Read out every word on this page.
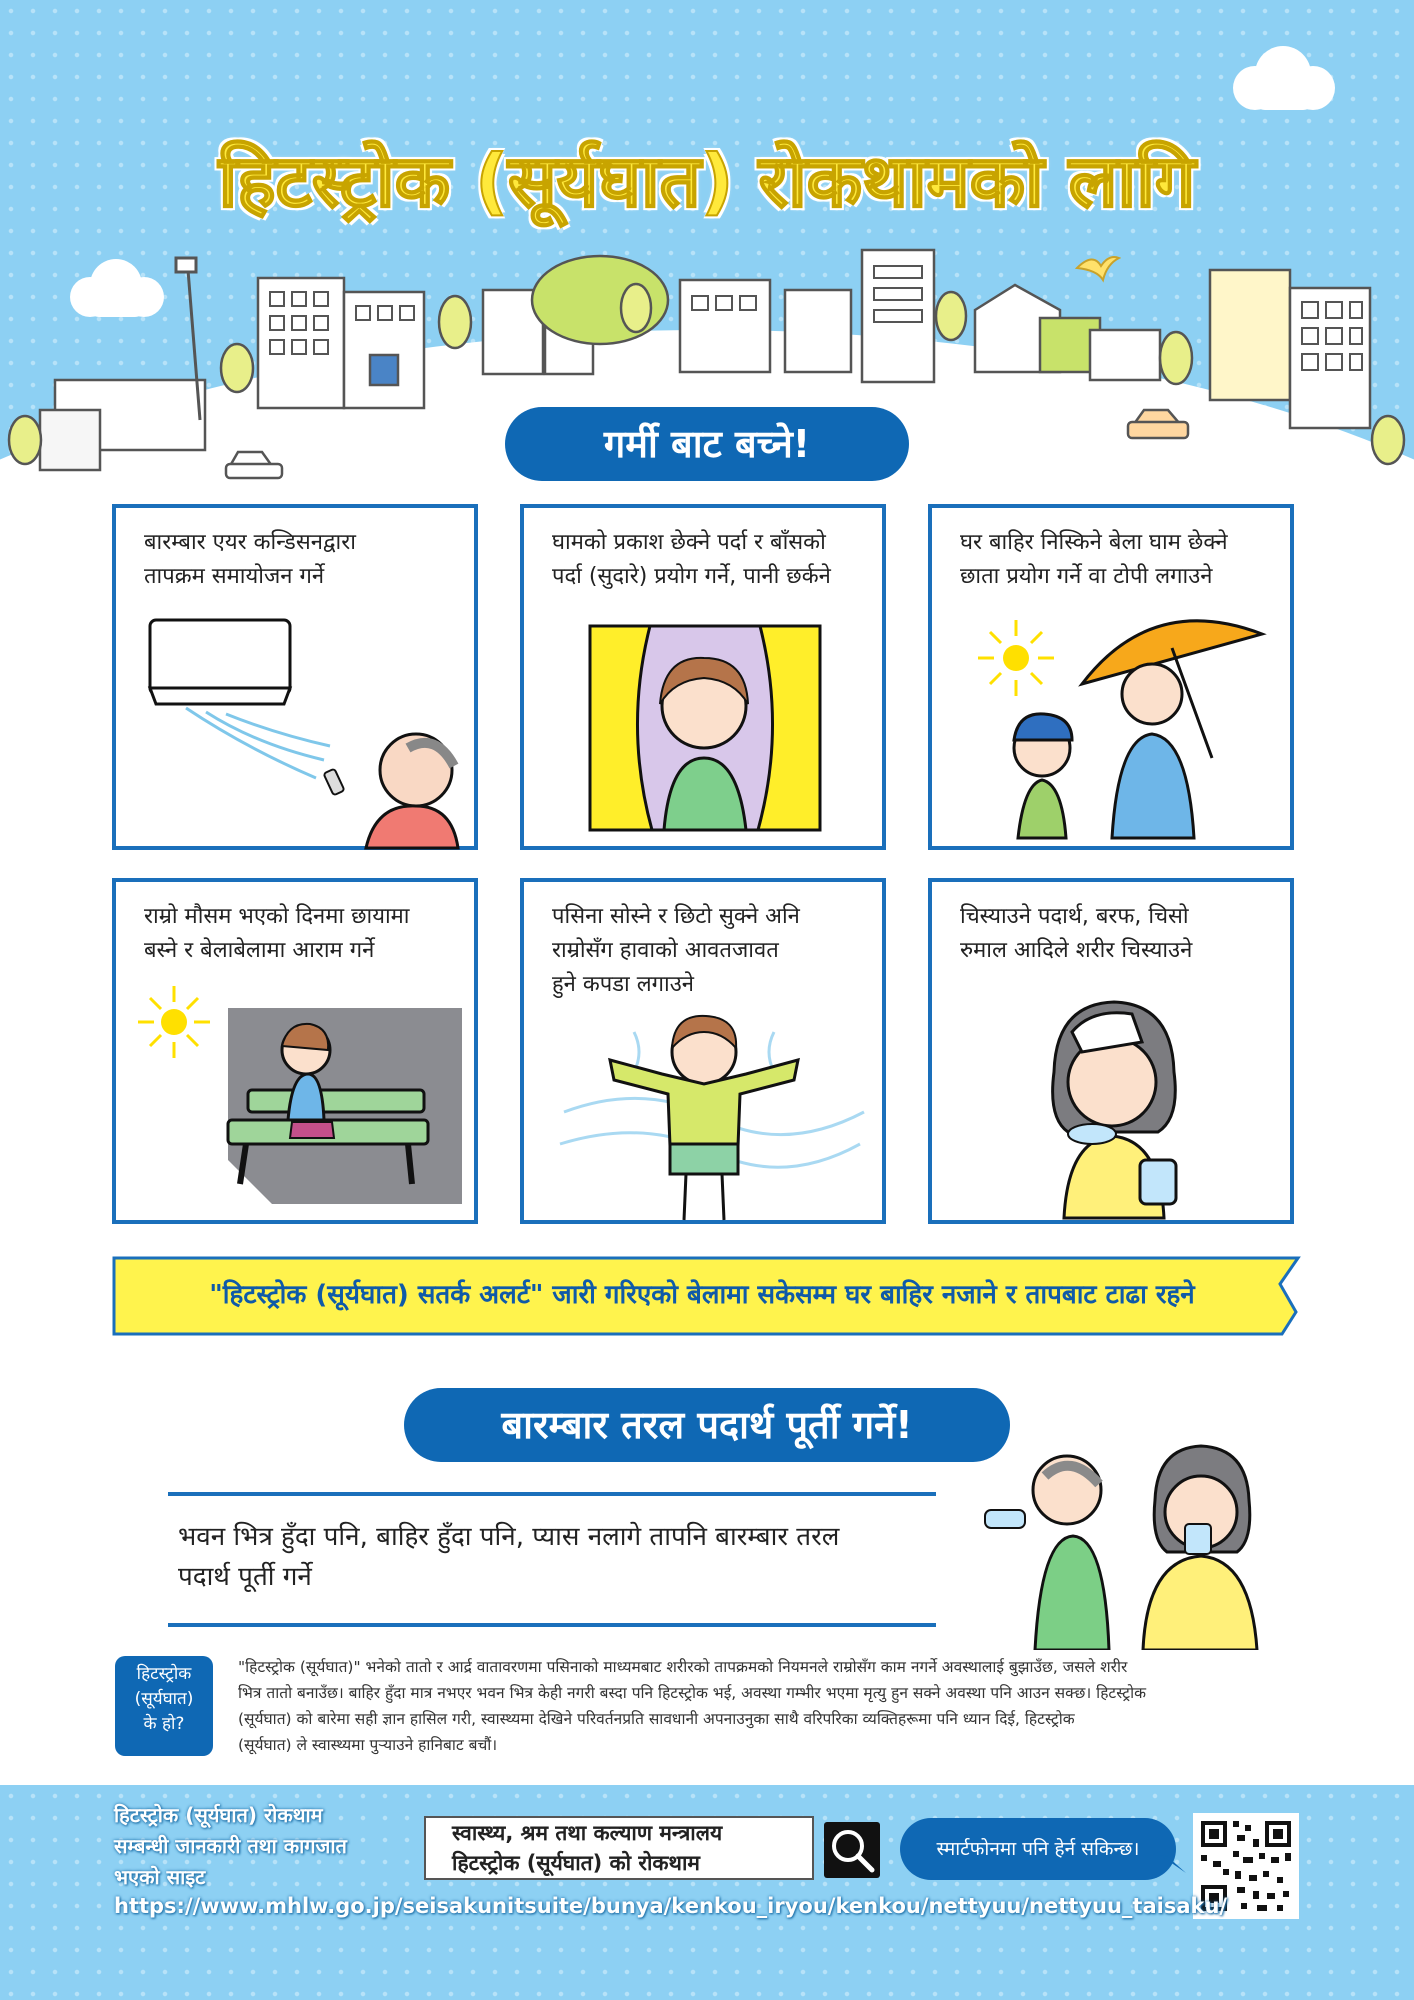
हिटस्ट्रोक (सूर्यघात) रोकथामको लागि
गर्मी बाट बच्ने!
बारम्बार एयर कन्डिसनद्वारा
तापक्रम समायोजन गर्ने
घामको प्रकाश छेक्ने पर्दा र बाँसको
पर्दा (सुदारे) प्रयोग गर्ने, पानी छर्कने
घर बाहिर निस्किने बेला घाम छेक्ने
छाता प्रयोग गर्ने वा टोपी लगाउने
राम्रो मौसम भएको दिनमा छायामा
बस्ने र बेलाबेलामा आराम गर्ने
पसिना सोस्ने र छिटो सुक्ने अनि
राम्रोसँग हावाको आवतजावत
हुने कपडा लगाउने
चिस्याउने पदार्थ, बरफ, चिसो
रुमाल आदिले शरीर चिस्याउने
"हिटस्ट्रोक (सूर्यघात) सतर्क अलर्ट" जारी गरिएको बेलामा सकेसम्म घर बाहिर नजाने र तापबाट टाढा रहने
बारम्बार तरल पदार्थ पूर्ती गर्ने!
भवन भित्र हुँदा पनि, बाहिर हुँदा पनि, प्यास नलागे तापनि बारम्बार तरल
पदार्थ पूर्ती गर्ने
हिटस्ट्रोक
(सूर्यघात)
के हो?
"हिटस्ट्रोक (सूर्यघात)" भनेको तातो र आर्द्र वातावरणमा पसिनाको माध्यमबाट शरीरको तापक्रमको नियमनले राम्रोसँग काम नगर्ने अवस्थालाई बुझाउँछ, जसले शरीर
भित्र तातो बनाउँछ। बाहिर हुँदा मात्र नभएर भवन भित्र केही नगरी बस्दा पनि हिटस्ट्रोक भई, अवस्था गम्भीर भएमा मृत्यु हुन सक्ने अवस्था पनि आउन सक्छ। हिटस्ट्रोक
(सूर्यघात) को बारेमा सही ज्ञान हासिल गरी, स्वास्थ्यमा देखिने परिवर्तनप्रति सावधानी अपनाउनुका साथै वरिपरिका व्यक्तिहरूमा पनि ध्यान दिई, हिटस्ट्रोक
(सूर्यघात) ले स्वास्थ्यमा पुर्‍याउने हानिबाट बचौं।
हिटस्ट्रोक (सूर्यघात) रोकथाम
सम्बन्धी जानकारी तथा कागजात
भएको साइट
स्वास्थ्य, श्रम तथा कल्याण मन्त्रालय
हिटस्ट्रोक (सूर्यघात) को रोकथाम
स्मार्टफोनमा पनि हेर्न सकिन्छ।
https://www.mhlw.go.jp/seisakunitsuite/bunya/kenkou_iryou/kenkou/nettyuu/nettyuu_taisaku/
